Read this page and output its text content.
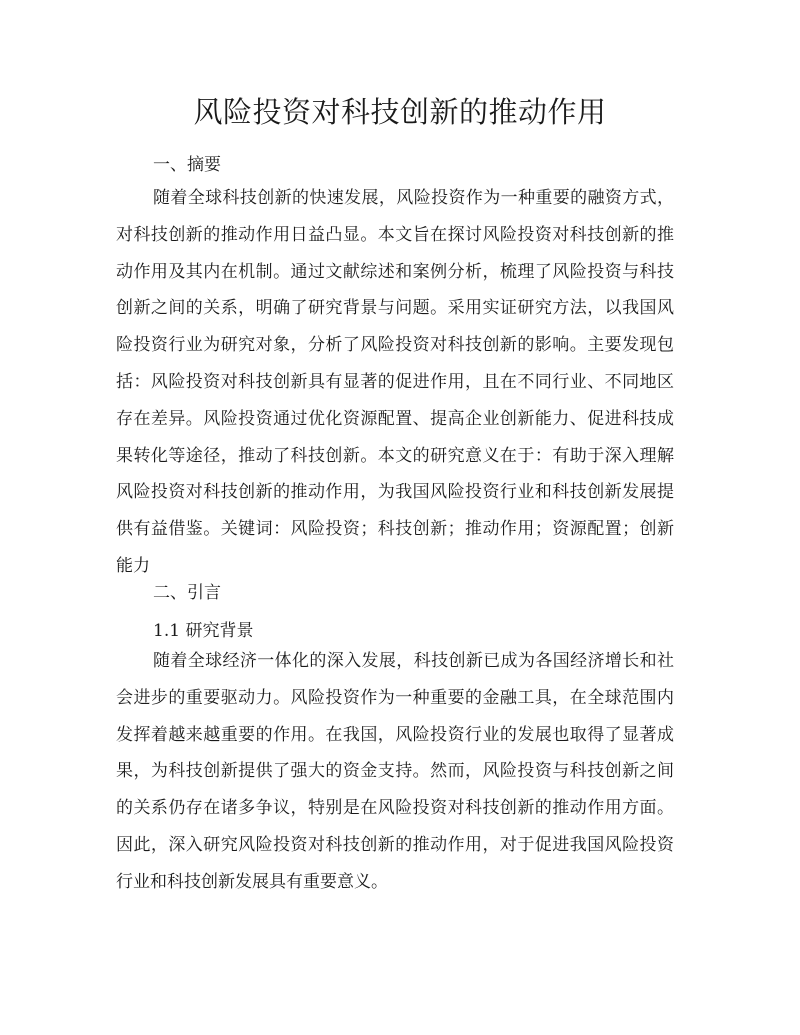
风险投资对科技创新的推动作用
一、摘要

随着全球科技创新的快速发展，风险投资作为一种重要的融资方式，对科技创新的推动作用日益凸显。本文旨在探讨风险投资对科技创新的推动作用及其内在机制。通过文献综述和案例分析，梳理了风险投资与科技创新之间的关系，明确了研究背景与问题。采用实证研究方法，以我国风险投资行业为研究对象，分析了风险投资对科技创新的影响。主要发现包括：风险投资对科技创新具有显著的促进作用，且在不同行业、不同地区存在差异。风险投资通过优化资源配置、提高企业创新能力、促进科技成果转化等途径，推动了科技创新。本文的研究意义在于：有助于深入理解风险投资对科技创新的推动作用，为我国风险投资行业和科技创新发展提供有益借鉴。关键词：风险投资；科技创新；推动作用；资源配置；创新能力

二、引言
1.1 研究背景

随着全球经济一体化的深入发展，科技创新已成为各国经济增长和社会进步的重要驱动力。风险投资作为一种重要的金融工具，在全球范围内发挥着越来越重要的作用。在我国，风险投资行业的发展也取得了显著成果，为科技创新提供了强大的资金支持。然而，风险投资与科技创新之间的关系仍存在诸多争议，特别是在风险投资对科技创新的推动作用方面。因此，深入研究风险投资对科技创新的推动作用，对于促进我国风险投资行业和科技创新发展具有重要意义。
